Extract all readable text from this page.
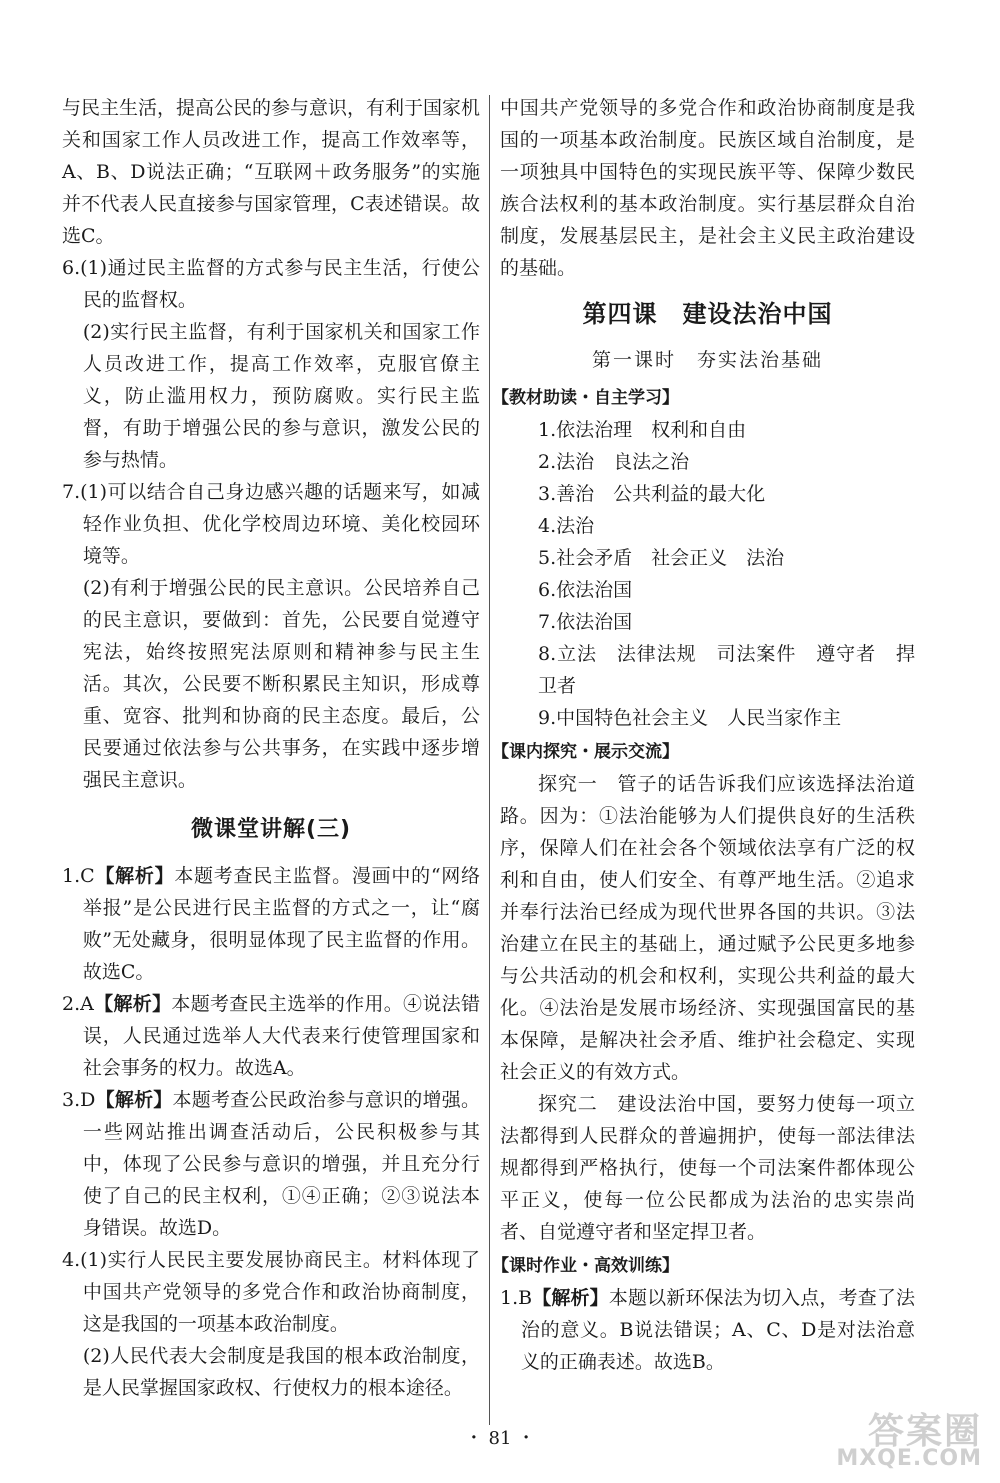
与民主生活，提高公民的参与意识，有利于国家机关和国家工作人员改进工作，提高工作效率等，A、B、D说法正确；“互联网＋政务服务”的实施并不代表人民直接参与国家管理，C表述错误。故选C。

6.(1)通过民主监督的方式参与民主生活，行使公民的监督权。

(2)实行民主监督，有利于国家机关和国家工作人员改进工作，提高工作效率，克服官僚主义，防止滥用权力，预防腐败。实行民主监督，有助于增强公民的参与意识，激发公民的参与热情。

7.(1)可以结合自己身边感兴趣的话题来写，如减轻作业负担、优化学校周边环境、美化校园环境等。

(2)有利于增强公民的民主意识。公民培养自己的民主意识，要做到：首先，公民要自觉遵守宪法，始终按照宪法原则和精神参与民主生活。其次，公民要不断积累民主知识，形成尊重、宽容、批判和协商的民主态度。最后，公民要通过依法参与公共事务，在实践中逐步增强民主意识。

微课堂讲解(三)

1.C【解析】本题考查民主监督。漫画中的“网络举报”是公民进行民主监督的方式之一，让“腐败”无处藏身，很明显体现了民主监督的作用。故选C。

2.A【解析】本题考查民主选举的作用。④说法错误，人民通过选举人大代表来行使管理国家和社会事务的权力。故选A。

3.D【解析】本题考查公民政治参与意识的增强。一些网站推出调查活动后，公民积极参与其中，体现了公民参与意识的增强，并且充分行使了自己的民主权利，①④正确；②③说法本身错误。故选D。

4.(1)实行人民民主要发展协商民主。材料体现了中国共产党领导的多党合作和政治协商制度，这是我国的一项基本政治制度。

(2)人民代表大会制度是我国的根本政治制度，是人民掌握国家政权、行使权力的根本途径。

中国共产党领导的多党合作和政治协商制度是我国的一项基本政治制度。民族区域自治制度，是一项独具中国特色的实现民族平等、保障少数民族合法权利的基本政治制度。实行基层群众自治制度，发展基层民主，是社会主义民主政治建设的基础。

第四课　建设法治中国
第一课时　夯实法治基础
【教材助读・自主学习】
1.依法治理　权利和自由
2.法治　良法之治
3.善治　公共利益的最大化
4.法治
5.社会矛盾　社会正义　法治
6.依法治国
7.依法治国
8.立法　法律法规　司法案件　遵守者　捍卫者
9.中国特色社会主义　人民当家作主
【课内探究・展示交流】

探究一　管子的话告诉我们应该选择法治道路。因为：①法治能够为人们提供良好的生活秩序，保障人们在社会各个领域依法享有广泛的权利和自由，使人们安全、有尊严地生活。②追求并奉行法治已经成为现代世界各国的共识。③法治建立在民主的基础上，通过赋予公民更多地参与公共活动的机会和权利，实现公共利益的最大化。④法治是发展市场经济、实现强国富民的基本保障，是解决社会矛盾、维护社会稳定、实现社会正义的有效方式。

探究二　建设法治中国，要努力使每一项立法都得到人民群众的普遍拥护，使每一部法律法规都得到严格执行，使每一个司法案件都体现公平正义，使每一位公民都成为法治的忠实崇尚者、自觉遵守者和坚定捍卫者。

【课时作业・高效训练】

1.B【解析】本题以新环保法为切入点，考查了法治的意义。B说法错误；A、C、D是对法治意义的正确表述。故选B。

・ 81 ・	答案圈
MXQE.COM
